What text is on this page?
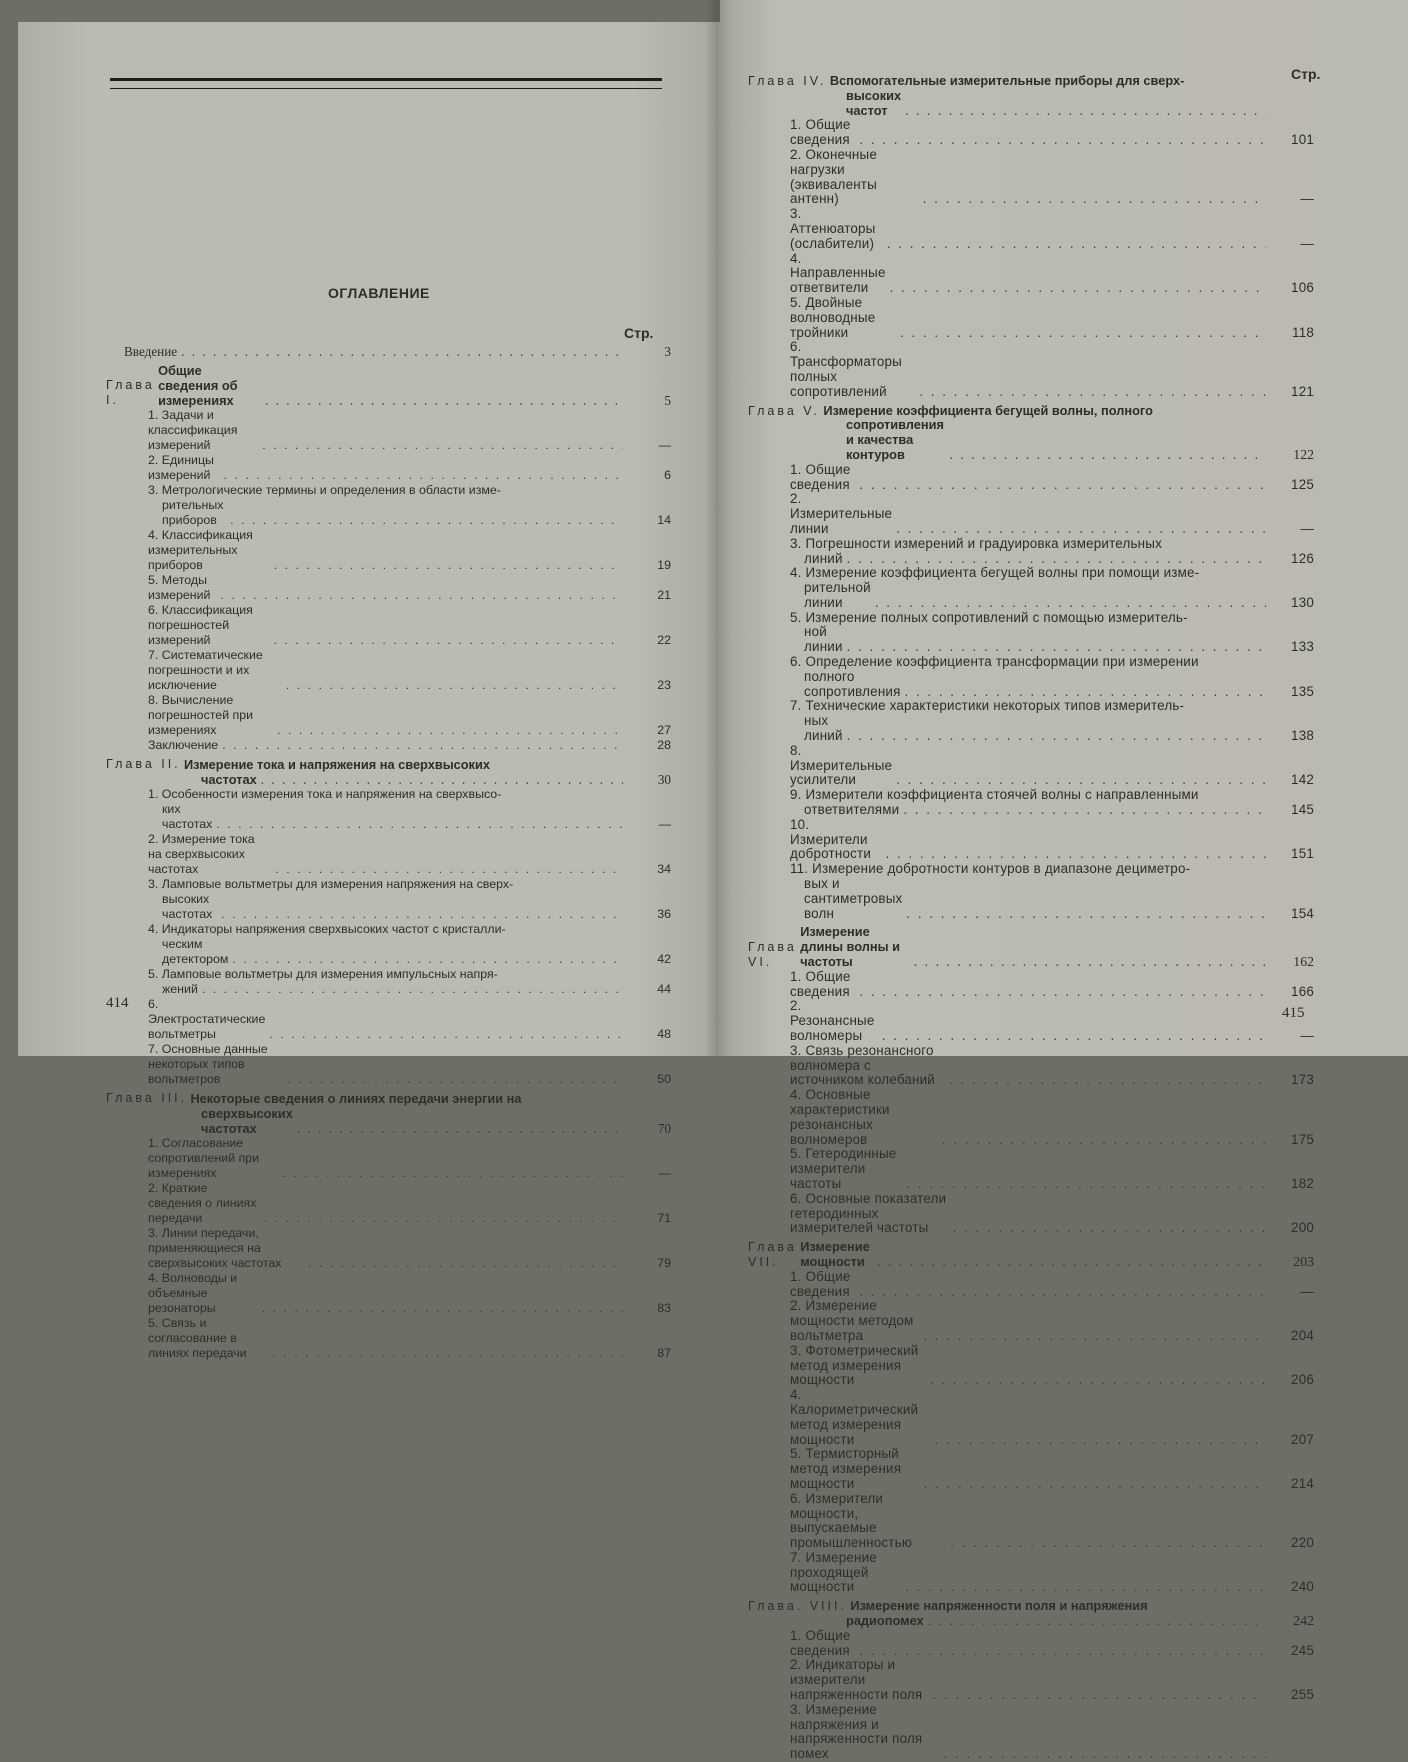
ОГЛАВЛЕНИЕ
Стр.
Введение . . .	3
Глава I.

Общие сведения об измерениях . . .	5
1. Задачи и классификация измерений . . .	—
2. Единицы измерений . . .	6
3. Метрологические термины и определения в области изме-
рительных приборов . . .	14
4. Классификация измерительных приборов . . .	19
5. Методы измерений . . .	21
6. Классификация погрешностей измерений . . .	22
7. Систематические погрешности и их исключение . . .	23
8. Вычисление погрешностей при измерениях . . .	27
Заключение . . .	28
Глава II.
Измерение тока и напряжения на сверхвысоких
частотах . . .	30
1. Особенности измерения тока и напряжения на сверхвысо-
ких частотах . . .	—
2. Измерение тока на сверхвысоких частотах . . .	34
3. Ламповые вольтметры для измерения напряжения на сверх-
высоких частотах . . .	36
4. Индикаторы напряжения сверхвысоких частот с кристалли-
ческим детектором . . .	42
5. Ламповые вольтметры для измерения импульсных напря-
жений . . .	44
6. Электростатические вольтметры . . .	48
7. Основные данные некоторых типов вольтметров . . .	50
Глава III.
Некоторые сведения о линиях передачи энергии на
сверхвысоких частотах . . .	70
1. Согласование сопротивлений при измерениях . . .	—
2. Краткие сведения о линиях передачи . . .	71
3. Линии передачи, применяющиеся на сверхвысоких частотах . . .	79
4. Волноводы и объемные резонаторы . . .	83
5. Связь и согласование в линиях передачи . . .	87
414
Стр.
Глава IV.
Вспомогательные измерительные приборы для сверх-
высоких частот
. . .
1. Общие сведения . . .	101
2. Оконечные нагрузки (эквиваленты антенн) . . .	—
3. Аттенюаторы (ослабители) . . .	—
4. Направленные ответвители . . .	106
5. Двойные волноводные тройники . . .	118
6. Трансформаторы полных сопротивлений . . .	121
Глава V.
Измерение коэффициента бегущей волны, полного
сопротивления и качества контуров . . .	122
1. Общие сведения . . .	125
2. Измерительные линии . . .	—
3. Погрешности измерений и градуировка измерительных
линий . . .	126
4. Измерение коэффициента бегущей волны при помощи изме-
рительной линии . . .	130
5. Измерение полных сопротивлений с помощью измеритель-
ной линии . . .	133
6. Определение коэффициента трансформации при измерении
полного сопротивления . . .	135
7. Технические характеристики некоторых типов измеритель-
ных линий . . .	138
8. Измерительные усилители . . .	142
9. Измерители коэффициента стоячей волны с направленными
ответвителями . . .	145
10. Измерители добротности . . .	151
11. Измерение добротности контуров в диапазоне дециметро-
вых и сантиметровых волн . . .	154
Глава VI.

Измерение длины волны и частоты . . .	162
1. Общие сведения . . .	166
2. Резонансные волномеры . . .	—
3. Связь резонансного волномера с источником колебаний . . .	173
4. Основные характеристики резонансных волномеров . . .	175
5. Гетеродинные измерители частоты . . .	182
6. Основные показатели гетеродинных измерителей частоты . . .	200
Глава VII.

Измерение мощности . . .	203
1. Общие сведения . . .	—
2. Измерение мощности методом вольтметра . . .	204
3. Фотометрический метод измерения мощности . . .	206
4. Калориметрический метод измерения мощности . . .	207
5. Термисторный метод измерения мощности . . .	214
6. Измерители мощности, выпускаемые промышленностью . . .	220
7. Измерение проходящей мощности . . .	240
Глава. VIII.
Измерение напряженности поля и напряжения
радиопомех . . .	242
1. Общие сведения . . .	245
2. Индикаторы и измерители напряженности поля . . .	255
3. Измерение напряжения и напряженности поля помех
. . .
415
